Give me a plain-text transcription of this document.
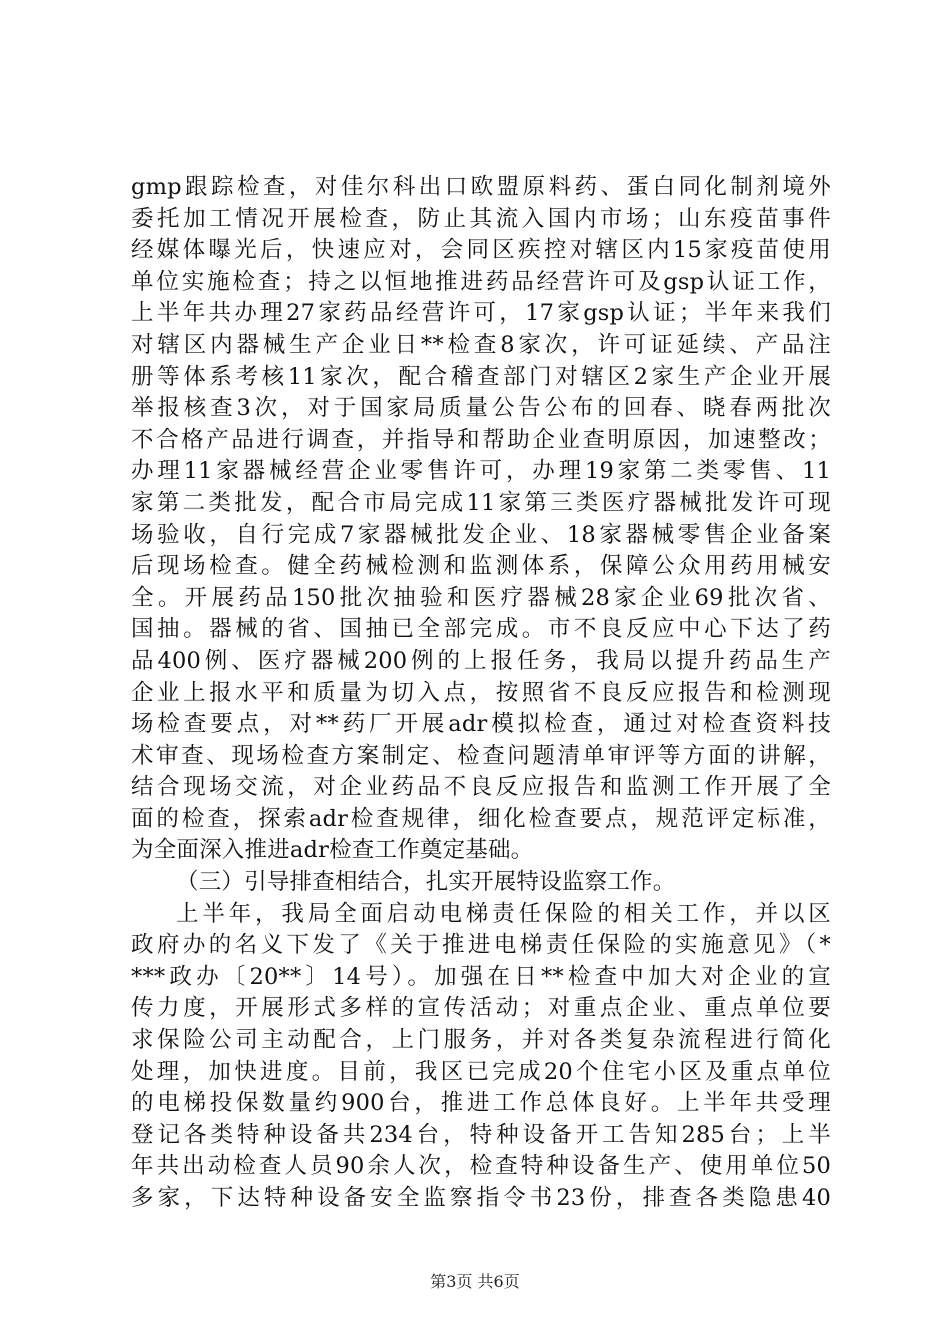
gmp跟踪检查，对佳尔科出口欧盟原料药、蛋白同化制剂境外
委托加工情况开展检查，防止其流入国内市场；山东疫苗事件
经媒体曝光后，快速应对，会同区疾控对辖区内15家疫苗使用
单位实施检查；持之以恒地推进药品经营许可及gsp认证工作，
上半年共办理27家药品经营许可，17家gsp认证；半年来我们
对辖区内器械生产企业日**检查8家次，许可证延续、产品注
册等体系考核11家次，配合稽查部门对辖区2家生产企业开展
举报核查3次，对于国家局质量公告公布的回春、晓春两批次
不合格产品进行调查，并指导和帮助企业查明原因，加速整改；
办理11家器械经营企业零售许可，办理19家第二类零售、11
家第二类批发，配合市局完成11家第三类医疗器械批发许可现
场验收，自行完成7家器械批发企业、18家器械零售企业备案
后现场检查。健全药械检测和监测体系，保障公众用药用械安
全。开展药品150批次抽验和医疗器械28家企业69批次省、
国抽。器械的省、国抽已全部完成。市不良反应中心下达了药
品400例、医疗器械200例的上报任务，我局以提升药品生产
企业上报水平和质量为切入点，按照省不良反应报告和检测现
场检查要点，对**药厂开展adr模拟检查，通过对检查资料技
术审查、现场检查方案制定、检查问题清单审评等方面的讲解，
结合现场交流，对企业药品不良反应报告和监测工作开展了全
面的检查，探索adr检查规律，细化检查要点，规范评定标准，
为全面深入推进adr检查工作奠定基础。
（三）引导排查相结合，扎实开展特设监察工作。
上半年，我局全面启动电梯责任保险的相关工作，并以区
政府办的名义下发了《关于推进电梯责任保险的实施意见》（*
***政办〔20**〕14号）。加强在日**检查中加大对企业的宣
传力度，开展形式多样的宣传活动；对重点企业、重点单位要
求保险公司主动配合，上门服务，并对各类复杂流程进行简化
处理，加快进度。目前，我区已完成20个住宅小区及重点单位
的电梯投保数量约900台，推进工作总体良好。上半年共受理
登记各类特种设备共234台，特种设备开工告知285台；上半
年共出动检查人员90余人次，检查特种设备生产、使用单位50
多家，下达特种设备安全监察指令书23份，排查各类隐患40
第3页 共6页
